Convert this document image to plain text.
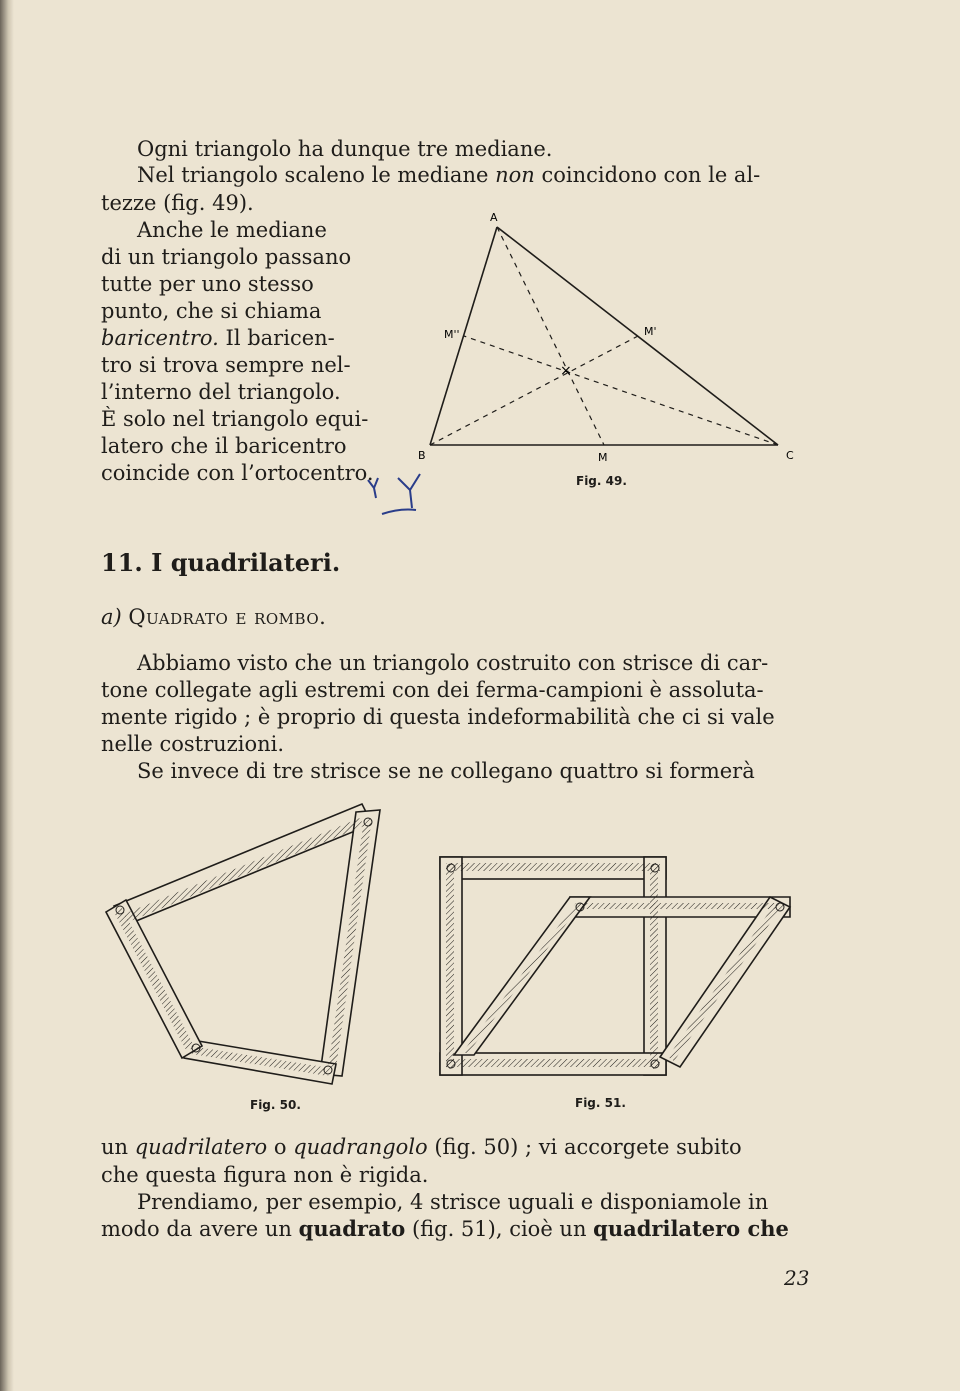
Ogni triangolo ha dunque tre mediane.
Nel triangolo scaleno le mediane non coincidono con le al-
tezze (fig. 49).
Anche le mediane
di un triangolo passano
tutte per uno stesso
punto, che si chiama
baricentro. Il baricen-
tro si trova sempre nel-
l’interno del triangolo.
È solo nel triangolo equi-
latero che il baricentro
coincide con l’ortocentro.
A
B	C
M
M'
M''
×
Fig. 49.
11. I quadrilateri.
a) Quadrato e rombo.
Abbiamo visto che un triangolo costruito con strisce di car-
tone collegate agli estremi con dei ferma-campioni è assoluta-
mente rigido ; è proprio di questa indeformabilità che ci si vale
nelle costruzioni.
Se invece di tre strisce se ne collegano quattro si formerà
Fig. 50.	Fig. 51.
un quadrilatero o quadrangolo (fig. 50) ; vi accorgete subito
che questa figura non è rigida.
Prendiamo, per esempio, 4 strisce uguali e disponiamole in
modo da avere un quadrato (fig. 51), cioè un quadrilatero che
23
